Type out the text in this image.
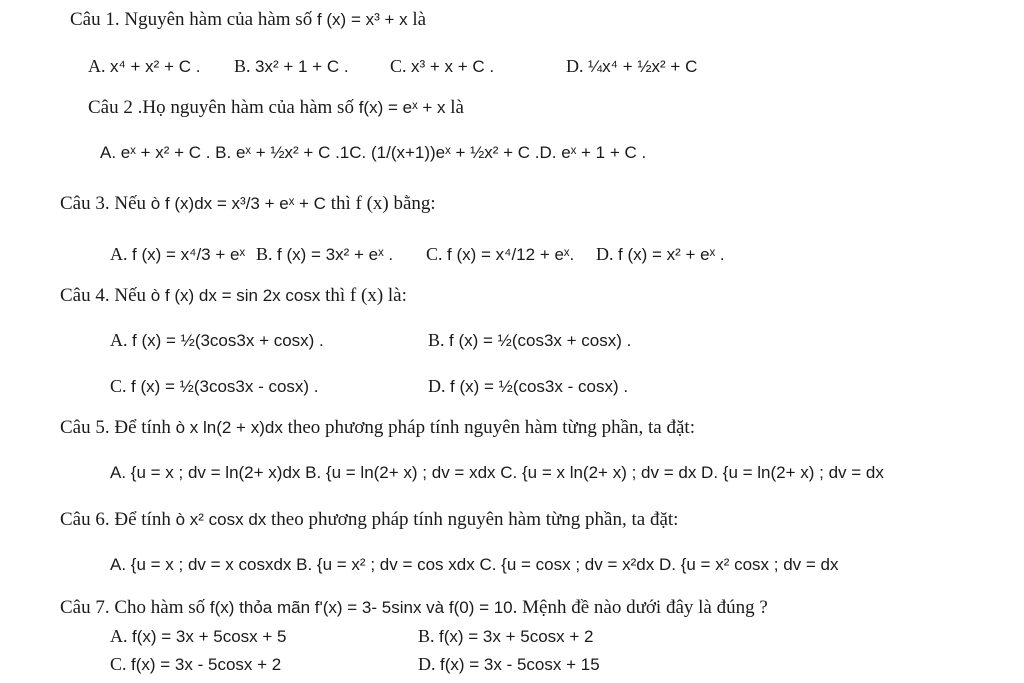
Câu 1. Nguyên hàm của hàm số f (x) = x³ + x là
A. x⁴ + x² + C . B. 3x² + 1 + C . C. x³ + x + C .	D. ¼x⁴ + ½x² + C
Câu 2 .Họ nguyên hàm của hàm số f(x) = eˣ + x là
A. eˣ + x² + C . B. eˣ + ½x² + C .1C. (1/(x+1))eˣ + ½x² + C .D. eˣ + 1 + C .
Câu 3. Nếu ò f (x)dx = x³/3 + eˣ + C thì f (x) bằng:
A. f (x) = x⁴/3 + eˣ B. f (x) = 3x² + eˣ . C. f (x) = x⁴/12 + eˣ. D. f (x) = x² + eˣ .
Câu 4. Nếu ò f (x) dx = sin 2x cosx thì f (x) là:
A. f (x) = ½(3cos3x + cosx) .	B. f (x) = ½(cos3x + cosx) .
C. f (x) = ½(3cos3x - cosx) .	D. f (x) = ½(cos3x - cosx) .
Câu 5. Để tính ò x ln(2 + x)dx theo phương pháp tính nguyên hàm từng phần, ta đặt:
A. {u = x ; dv = ln(2+ x)dx B. {u = ln(2+ x) ; dv = xdx C. {u = x ln(2+ x) ; dv = dx D. {u = ln(2+ x) ; dv = dx
Câu 6. Để tính ò x² cosx dx theo phương pháp tính nguyên hàm từng phần, ta đặt:
A. {u = x ; dv = x cosxdx B. {u = x² ; dv = cos xdx C. {u = cosx ; dv = x²dx D. {u = x² cosx ; dv = dx
Câu 7. Cho hàm số f(x) thỏa mãn f'(x) = 3- 5sinx và f(0) = 10. Mệnh đề nào dưới đây là đúng ?
A. f(x) = 3x + 5cosx + 5	B. f(x) = 3x + 5cosx + 2
C. f(x) = 3x - 5cosx + 2	D. f(x) = 3x - 5cosx + 15
